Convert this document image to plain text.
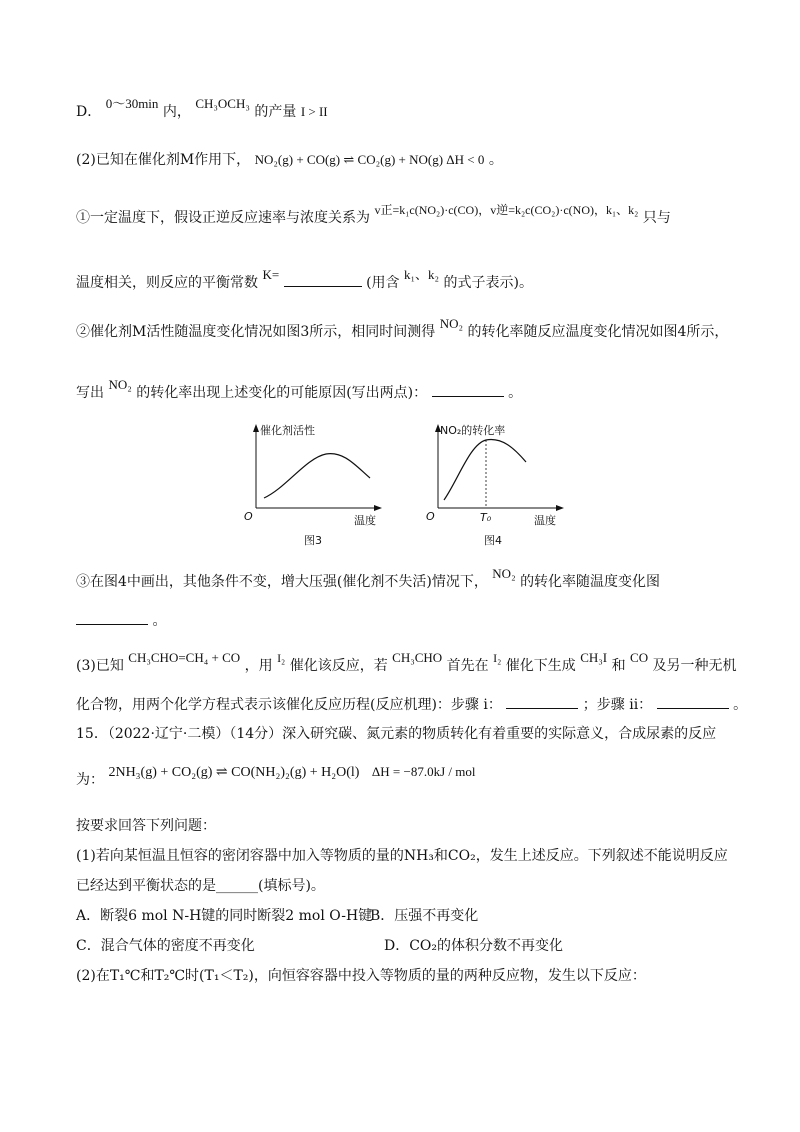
D． 0～30min 内， CH₃OCH₃ 的产量 I > II
(2)已知在催化剂M作用下， NO₂(g) + CO(g) ⇌ CO₂(g) + NO(g) ΔH < 0 。
①一定温度下，假设正逆反应速率与浓度关系为 v正=k₁c(NO₂)·c(CO)，v逆=k₂c(CO₂)·c(NO)，k₁、k₂ 只与
温度相关，则反应的平衡常数 K=  (用含 k₁、k₂ 的式子表示)。
②催化剂M活性随温度变化情况如图3所示，相同时间测得 NO₂ 的转化率随反应温度变化情况如图4所示，
写出 NO₂ 的转化率出现上述变化的可能原因(写出两点)：	。
催化剂活性
O	温度
图3
NO₂的转化率
O	T₀	温度
图4
③在图4中画出，其他条件不变，增大压强(催化剂不失活)情况下， NO₂ 的转化率随温度变化图
。
(3)已知 CH₃CHO=CH₄ + CO ，用 I₂ 催化该反应，若 CH₃CHO 首先在 I₂ 催化下生成 CH₃I 和 CO 及另一种无机
化合物，用两个化学方程式表示该催化反应历程(反应机理)：步骤 i：	；步骤 ii：	。
15．（2022·辽宁·二模）（14分）深入研究碳、氮元素的物质转化有着重要的实际意义，合成尿素的反应
为： 2NH₃(g) + CO₂(g) ⇌ CO(NH₂)₂(g) + H₂O(l) ΔH = −87.0kJ / mol
按要求回答下列问题：
(1)若向某恒温且恒容的密闭容器中加入等物质的量的NH₃和CO₂，发生上述反应。下列叙述不能说明反应
已经达到平衡状态的是______(填标号)。
A．断裂6 mol N-H键的同时断裂2 mol O-H键
B．压强不再变化
C．混合气体的密度不再变化	D．CO₂的体积分数不再变化
(2)在T₁℃和T₂℃时(T₁＜T₂)，向恒容容器中投入等物质的量的两种反应物，发生以下反应：
